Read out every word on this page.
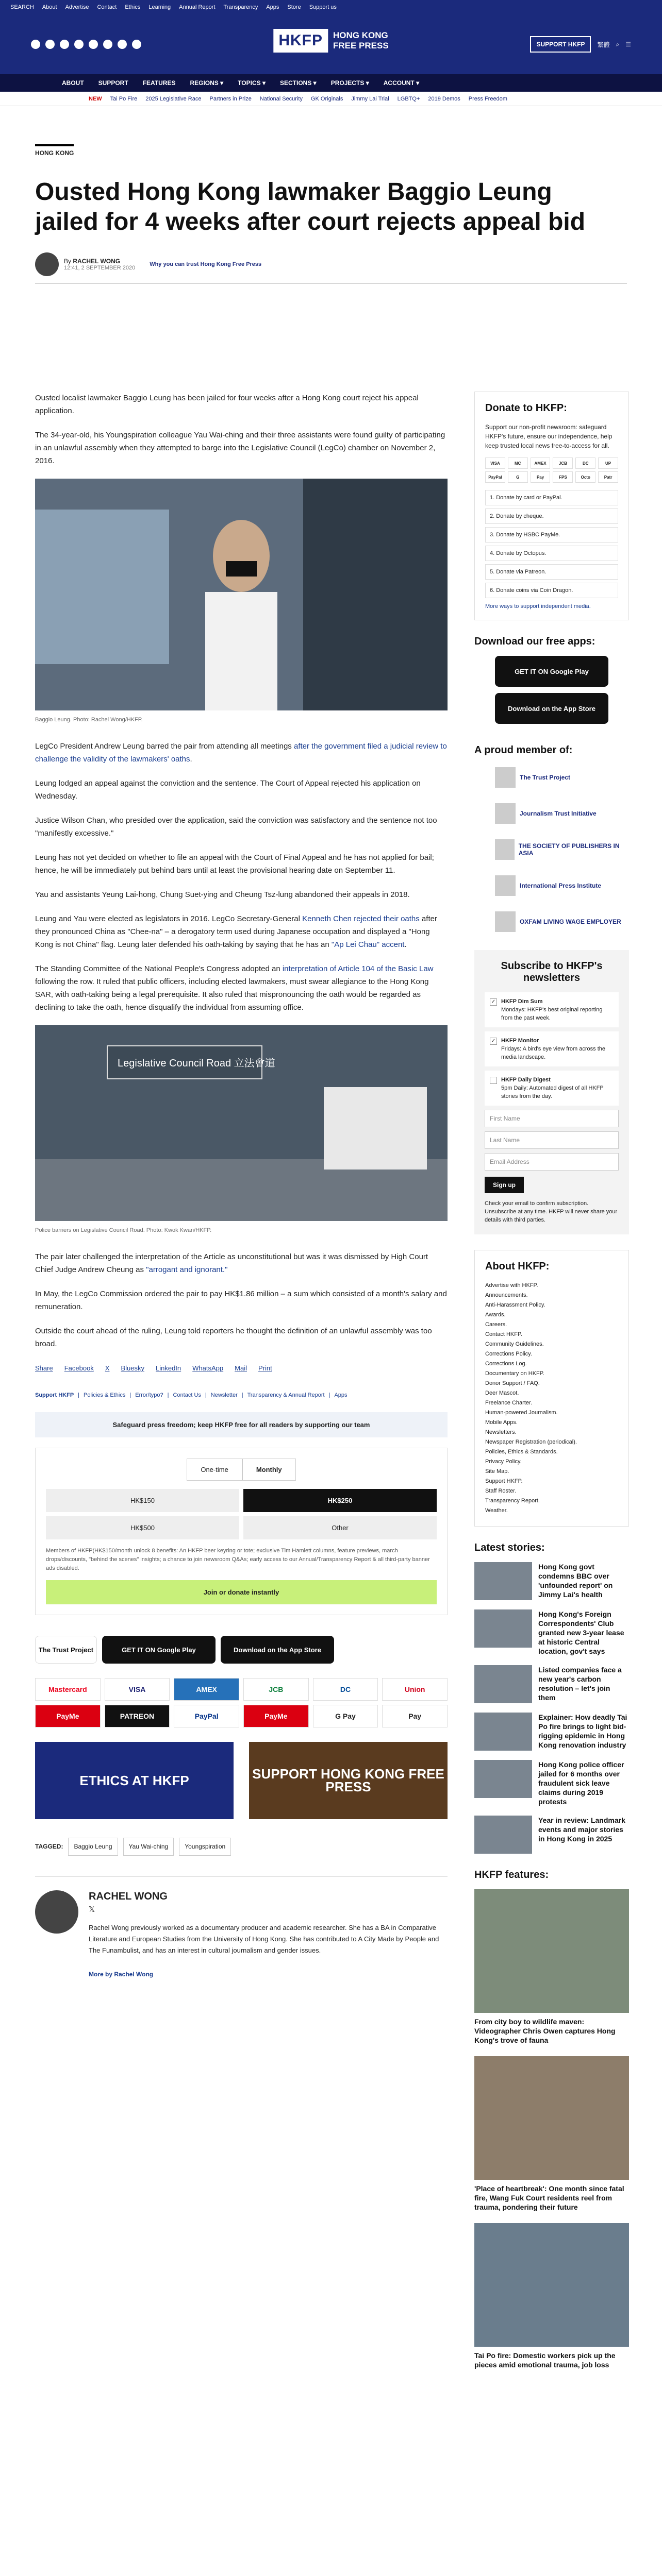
SEARCH About Advertise Contact Ethics Learning Annual Report Transparency Apps Store Support us
HKFP	HONG KONG
FREE PRESS	SUPPORT HKFP	繁體 ⌕ ☰
ABOUT SUPPORT FEATURES REGIONS ▾ TOPICS ▾ SECTIONS ▾ PROJECTS ▾ ACCOUNT ▾
NEW Tai Po Fire 2025 Legislative Race Partners in Prize National Security GK Originals Jimmy Lai Trial LGBTQ+ 2019 Demos Press Freedom
HONG KONG
Ousted Hong Kong lawmaker Baggio Leung jailed for 4 weeks after court rejects appeal bid
By RACHEL WONG
12:41, 2 SEPTEMBER 2020
Why you can trust Hong Kong Free Press

Ousted localist lawmaker Baggio Leung has been jailed for four weeks after a Hong Kong court reject his appeal application.

The 34-year-old, his Youngspiration colleague Yau Wai-ching and their three assistants were found guilty of participating in an unlawful assembly when they attempted to barge into the Legislative Council (LegCo) chamber on November 2, 2016.

Baggio Leung. Photo: Rachel Wong/HKFP.

LegCo President Andrew Leung barred the pair from attending all meetings after the government filed a judicial review to challenge the validity of the lawmakers' oaths.

Leung lodged an appeal against the conviction and the sentence. The Court of Appeal rejected his application on Wednesday.

Justice Wilson Chan, who presided over the application, said the conviction was satisfactory and the sentence not too "manifestly excessive."

Leung has not yet decided on whether to file an appeal with the Court of Final Appeal and he has not applied for bail; hence, he will be immediately put behind bars until at least the provisional hearing date on September 11.

Yau and assistants Yeung Lai-hong, Chung Suet-ying and Cheung Tsz-lung abandoned their appeals in 2018.

Leung and Yau were elected as legislators in 2016. LegCo Secretary-General Kenneth Chen rejected their oaths after they pronounced China as "Chee-na" – a derogatory term used during Japanese occupation and displayed a "Hong Kong is not China" flag. Leung later defended his oath-taking by saying that he has an "Ap Lei Chau" accent.

The Standing Committee of the National People's Congress adopted an interpretation of Article 104 of the Basic Law following the row. It ruled that public officers, including elected lawmakers, must swear allegiance to the Hong Kong SAR, with oath-taking being a legal prerequisite. It also ruled that mispronouncing the oath would be regarded as declining to take the oath, hence disqualify the individual from assuming office.

Legislative Council Road 立法會道
Police barriers on Legislative Council Road. Photo: Kwok Kwan/HKFP.

The pair later challenged the interpretation of the Article as unconstitutional but was it was dismissed by High Court Chief Judge Andrew Cheung as "arrogant and ignorant."

In May, the LegCo Commission ordered the pair to pay HK$1.86 million – a sum which consisted of a month's salary and remuneration.

Outside the court ahead of the ruling, Leung told reporters he thought the definition of an unlawful assembly was too broad.

Share Facebook X Bluesky LinkedIn WhatsApp Mail Print
Support HKFP | Policies & Ethics | Error/typo? | Contact Us | Newsletter | Transparency & Annual Report | Apps
Safeguard press freedom; keep HKFP free for all readers by supporting our team
One-time	Monthly
HK$150	HK$250
HK$500	Other
Members of HKFP(HK$150/month unlock 8 benefits: An HKFP beer keyring or tote; exclusive Tim Hamlett columns, feature previews, march drops/discounts, "behind the scenes" insights; a chance to join newsroom Q&As; early access to our Annual/Transparency Report & all third-party banner ads disabled.
Join or donate instantly
The Trust Project	GET IT ON Google Play	Download on the App Store
Mastercard	VISA	AMEX	JCB	DC	Union
PayMe	PATREON	PayPal	PayMe	G Pay	Pay
ETHICS AT HKFP	SUPPORT HONG KONG FREE PRESS
TAGGED:	Baggio Leung	Yau Wai-ching	Youngspiration
RACHEL WONG
𝕏

Rachel Wong previously worked as a documentary producer and academic researcher. She has a BA in Comparative Literature and European Studies from the University of Hong Kong. She has contributed to A City Made by People and The Funambulist, and has an interest in cultural journalism and gender issues.

More by Rachel Wong
Donate to HKFP:

Support our non-profit newsroom: safeguard HKFP's future, ensure our independence, help keep trusted local news free-to-access for all.

VISA	MC	AMEX	JCB	DC	UP
PayPal	G	Pay	FPS	Octo	Patr
1. Donate by card or PayPal.
2. Donate by cheque.
3. Donate by HSBC PayMe.
4. Donate by Octopus.
5. Donate via Patreon.
6. Donate coins via Coin Dragon.
More ways to support independent media.
Download our free apps:
GET IT ON Google Play
Download on the App Store
A proud member of:
The Trust Project
Journalism Trust Initiative
THE SOCIETY OF PUBLISHERS IN ASIA
International Press Institute
OXFAM LIVING WAGE EMPLOYER
Subscribe to HKFP's newsletters
✓ HKFP Dim Sum
Mondays: HKFP's best original reporting from the past week.
✓ HKFP Monitor
Fridays: A bird's eye view from across the media landscape.
HKFP Daily Digest
5pm Daily: Automated digest of all HKFP stories from the day.
First Name
Last Name
Email Address
Sign up

Check your email to confirm subscription. Unsubscribe at any time. HKFP will never share your details with third parties.

About HKFP:
Advertise with HKFP.
Announcements.
Anti-Harassment Policy.
Awards.
Careers.
Contact HKFP.
Community Guidelines.
Corrections Policy.
Corrections Log.
Documentary on HKFP.
Donor Support / FAQ.
Deer Mascot.
Freelance Charter.
Human-powered Journalism.
Mobile Apps.
Newsletters.
Newspaper Registration (periodical).
Policies, Ethics & Standards.
Privacy Policy.
Site Map.
Support HKFP.
Staff Roster.
Transparency Report.
Weather.
Latest stories:
Hong Kong govt condemns BBC over 'unfounded report' on Jimmy Lai's health
Hong Kong's Foreign Correspondents' Club granted new 3-year lease at historic Central location, gov't says
Listed companies face a new year's carbon resolution – let's join them
Explainer: How deadly Tai Po fire brings to light bid-rigging epidemic in Hong Kong renovation industry
Hong Kong police officer jailed for 6 months over fraudulent sick leave claims during 2019 protests
Year in review: Landmark events and major stories in Hong Kong in 2025
HKFP features:
From city boy to wildlife maven: Videographer Chris Owen captures Hong Kong's trove of fauna
'Place of heartbreak': One month since fatal fire, Wang Fuk Court residents reel from trauma, pondering their future
Tai Po fire: Domestic workers pick up the pieces amid emotional trauma, job loss
